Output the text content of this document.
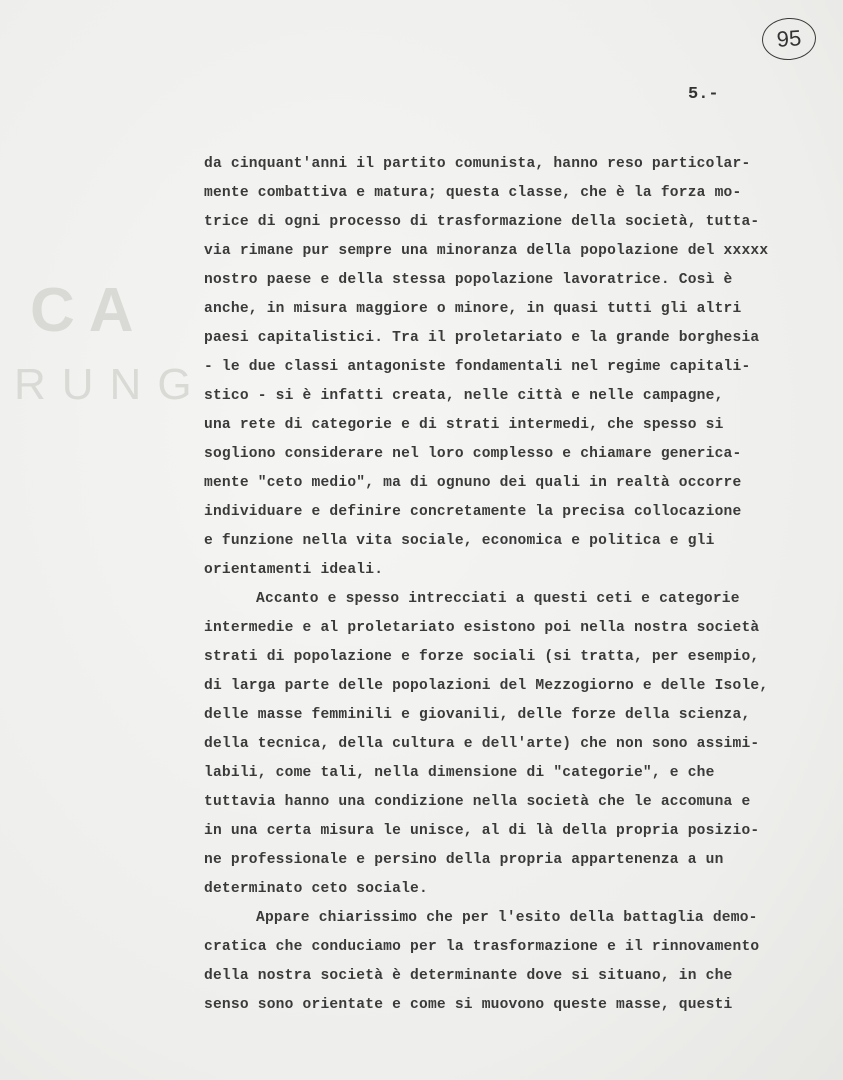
CA
RUNG
95
5.-
da cinquant'anni il partito comunista, hanno reso particolar-
mente combattiva e matura; questa classe, che è la forza mo-
trice di ogni processo di trasformazione della società, tutta-
via rimane pur sempre una minoranza della popolazione del xxxxx
nostro paese e della stessa popolazione lavoratrice. Così è
anche, in misura maggiore o minore, in quasi tutti gli altri
paesi capitalistici. Tra il proletariato e la grande borghesia
- le due classi antagoniste fondamentali nel regime capitali-
stico - si è infatti creata, nelle città e nelle campagne,
una rete di categorie e di strati intermedi, che spesso si
sogliono considerare nel loro complesso e chiamare generica-
mente "ceto medio", ma di ognuno dei quali in realtà occorre
individuare e definire concretamente la precisa collocazione
e funzione nella vita sociale, economica e politica e gli
orientamenti ideali.
Accanto e spesso intrecciati a questi ceti e categorie
intermedie e al proletariato esistono poi nella nostra società
strati di popolazione e forze sociali (si tratta, per esempio,
di larga parte delle popolazioni del Mezzogiorno e delle Isole,
delle masse femminili e giovanili, delle forze della scienza,
della tecnica, della cultura e dell'arte) che non sono assimi-
labili, come tali, nella dimensione di "categorie", e che
tuttavia hanno una condizione nella società che le accomuna e
in una certa misura le unisce, al di là della propria posizio-
ne professionale e persino della propria appartenenza a un
determinato ceto sociale.
Appare chiarissimo che per l'esito della battaglia demo-
cratica che conduciamo per la trasformazione e il rinnovamento
della nostra società è determinante dove si situano, in che
senso sono orientate e come si muovono queste masse, questi
